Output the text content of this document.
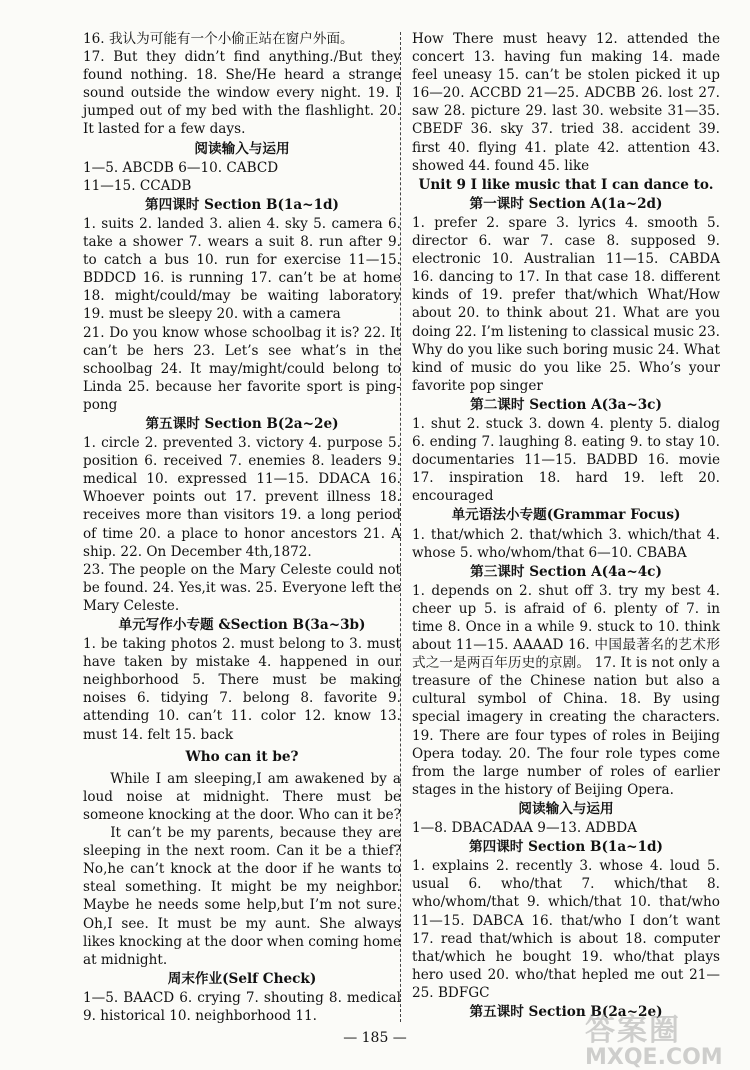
16. 我认为可能有一个小偷正站在窗户外面。
17. But they didn’t find anything./But they found nothing. 18. She/He heard a strange sound outside the window every night. 19. I jumped out of my bed with the flashlight. 20. It lasted for a few days.
阅读输入与运用
1—5. ABCDB 6—10. CABCD
11—15. CCADB
第四课时 Section B(1a~1d)
1. suits 2. landed 3. alien 4. sky 5. camera 6. take a shower 7. wears a suit 8. run after 9. to catch a bus 10. run for exercise 11—15. BDDCD 16. is running 17. can’t be at home 18. might/could/may be waiting laboratory 19. must be sleepy 20. with a camera
21. Do you know whose schoolbag it is? 22. It can’t be hers 23. Let’s see what’s in the schoolbag 24. It may/might/could belong to Linda 25. because her favorite sport is ping-pong
第五课时 Section B(2a~2e)
1. circle 2. prevented 3. victory 4. purpose 5. position 6. received 7. enemies 8. leaders 9. medical 10. expressed 11—15. DDACA 16. Whoever points out 17. prevent illness 18. receives more than visitors 19. a long period of time 20. a place to honor ancestors 21. A ship. 22. On December 4th,1872.
23. The people on the Mary Celeste could not be found. 24. Yes,it was. 25. Everyone left the Mary Celeste.
单元写作小专题 &Section B(3a~3b)
1. be taking photos 2. must belong to 3. must have taken by mistake 4. happened in our neighborhood 5. There must be making noises 6. tidying 7. belong 8. favorite 9. attending 10. can’t 11. color 12. know 13. must 14. felt 15. back
Who can it be?
While I am sleeping,I am awakened by a loud noise at midnight. There must be someone knocking at the door. Who can it be?
It can’t be my parents, because they are sleeping in the next room. Can it be a thief? No,he can’t knock at the door if he wants to steal something. It might be my neighbor. Maybe he needs some help,but I’m not sure. Oh,I see. It must be my aunt. She always likes knocking at the door when coming home at midnight.
周末作业(Self Check)
1—5. BAACD 6. crying 7. shouting 8. medical 9. historical 10. neighborhood 11.
How There must heavy 12. attended the concert 13. having fun making 14. made feel uneasy 15. can’t be stolen picked it up 16—20. ACCBD 21—25. ADCBB 26. lost 27. saw 28. picture 29. last 30. website 31—35. CBEDF 36. sky 37. tried 38. accident 39. first 40. flying 41. plate 42. attention 43. showed 44. found 45. like
Unit 9 I like music that I can dance to.
第一课时 Section A(1a~2d)
1. prefer 2. spare 3. lyrics 4. smooth 5. director 6. war 7. case 8. supposed 9. electronic 10. Australian 11—15. CABDA 16. dancing to 17. In that case 18. different kinds of 19. prefer that/which What/How about 20. to think about 21. What are you doing 22. I’m listening to classical music 23. Why do you like such boring music 24. What kind of music do you like 25. Who’s your favorite pop singer
第二课时 Section A(3a~3c)
1. shut 2. stuck 3. down 4. plenty 5. dialog 6. ending 7. laughing 8. eating 9. to stay 10. documentaries 11—15. BADBD 16. movie 17. inspiration 18. hard 19. left 20. encouraged
单元语法小专题(Grammar Focus)
1. that/which 2. that/which 3. which/that 4. whose 5. who/whom/that 6—10. CBABA
第三课时 Section A(4a~4c)
1. depends on 2. shut off 3. try my best 4. cheer up 5. is afraid of 6. plenty of 7. in time 8. Once in a while 9. stuck to 10. think about 11—15. AAAAD 16. 中国最著名的艺术形式之一是两百年历史的京剧。 17. It is not only a treasure of the Chinese nation but also a cultural symbol of China. 18. By using special imagery in creating the characters. 19. There are four types of roles in Beijing Opera today. 20. The four role types come from the large number of roles of earlier stages in the history of Beijing Opera.
阅读输入与运用
1—8. DBACADAA 9—13. ADBDA
第四课时 Section B(1a~1d)
1. explains 2. recently 3. whose 4. loud 5. usual 6. who/that 7. which/that 8. who/whom/that 9. which/that 10. that/who 11—15. DABCA 16. that/who I don’t want 17. read that/which is about 18. computer that/which he bought 19. who/that plays hero used 20. who/that hepled me out 21—25. BDFGC
第五课时 Section B(2a~2e)
— 185 —	答案圈
MXQE.COM
